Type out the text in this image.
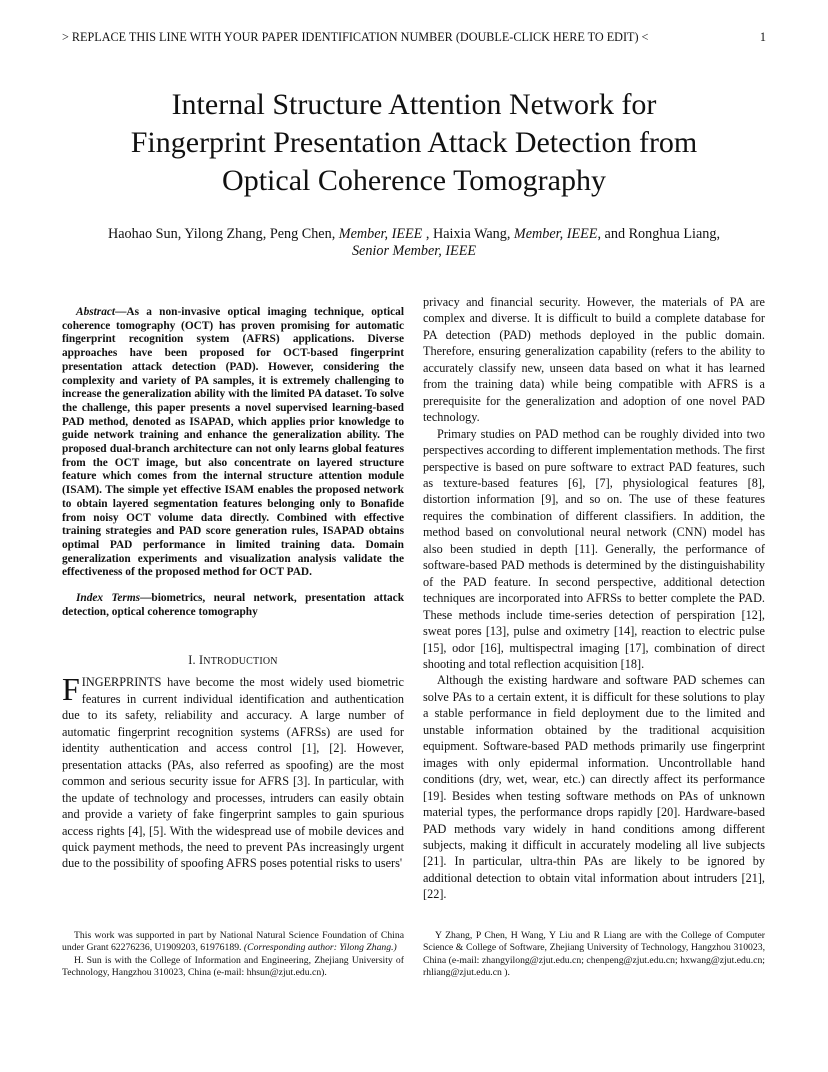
> REPLACE THIS LINE WITH YOUR PAPER IDENTIFICATION NUMBER (DOUBLE-CLICK HERE TO EDIT) <	1
Internal Structure Attention Network for
Fingerprint Presentation Attack Detection from
Optical Coherence Tomography
Haohao Sun, Yilong Zhang, Peng Chen, Member, IEEE , Haixia Wang, Member, IEEE, and Ronghua Liang, Senior Member, IEEE

Abstract—As a non-invasive optical imaging technique, optical coherence tomography (OCT) has proven promising for automatic fingerprint recognition system (AFRS) applications. Diverse approaches have been proposed for OCT-based fingerprint presentation attack detection (PAD). However, considering the complexity and variety of PA samples, it is extremely challenging to increase the generalization ability with the limited PA dataset. To solve the challenge, this paper presents a novel supervised learning-based PAD method, denoted as ISAPAD, which applies prior knowledge to guide network training and enhance the generalization ability. The proposed dual-branch architecture can not only learns global features from the OCT image, but also concentrate on layered structure feature which comes from the internal structure attention module (ISAM). The simple yet effective ISAM enables the proposed network to obtain layered segmentation features belonging only to Bonafide from noisy OCT volume data directly. Combined with effective training strategies and PAD score generation rules, ISAPAD obtains optimal PAD performance in limited training data. Domain generalization experiments and visualization analysis validate the effectiveness of the proposed method for OCT PAD.

Index Terms—biometrics, neural network, presentation attack detection, optical coherence tomography

I. INTRODUCTION

FINGERPRINTS have become the most widely used biometric features in current individual identification and authentication due to its safety, reliability and accuracy. A large number of automatic fingerprint recognition systems (AFRSs) are used for identity authentication and access control [1], [2]. However, presentation attacks (PAs, also referred as spoofing) are the most common and serious security issue for AFRS [3]. In particular, with the update of technology and processes, intruders can easily obtain and provide a variety of fake fingerprint samples to gain spurious access rights [4], [5]. With the widespread use of mobile devices and quick payment methods, the need to prevent PAs increasingly urgent due to the possibility of spoofing AFRS poses potential risks to users'

privacy and financial security. However, the materials of PA are complex and diverse. It is difficult to build a complete database for PA detection (PAD) methods deployed in the public domain. Therefore, ensuring generalization capability (refers to the ability to accurately classify new, unseen data based on what it has learned from the training data) while being compatible with AFRS is a prerequisite for the generalization and adoption of one novel PAD technology.

Primary studies on PAD method can be roughly divided into two perspectives according to different implementation methods. The first perspective is based on pure software to extract PAD features, such as texture-based features [6], [7], physiological features [8], distortion information [9], and so on. The use of these features requires the combination of different classifiers. In addition, the method based on convolutional neural network (CNN) model has also been studied in depth [11]. Generally, the performance of software-based PAD methods is determined by the distinguishability of the PAD feature. In second perspective, additional detection techniques are incorporated into AFRSs to better complete the PAD. These methods include time-series detection of perspiration [12], sweat pores [13], pulse and oximetry [14], reaction to electric pulse [15], odor [16], multispectral imaging [17], combination of direct shooting and total reflection acquisition [18].

Although the existing hardware and software PAD schemes can solve PAs to a certain extent, it is difficult for these solutions to play a stable performance in field deployment due to the limited and unstable information obtained by the traditional acquisition equipment. Software-based PAD methods primarily use fingerprint images with only epidermal information. Uncontrollable hand conditions (dry, wet, wear, etc.) can directly affect its performance [19]. Besides when testing software methods on PAs of unknown material types, the performance drops rapidly [20]. Hardware-based PAD methods vary widely in hand conditions among different subjects, making it difficult in accurately modeling all live subjects [21]. In particular, ultra-thin PAs are likely to be ignored by additional detection to obtain vital information about intruders [21], [22].

This work was supported in part by National Natural Science Foundation of China under Grant 62276236, U1909203, 61976189. (Corresponding author: Yilong Zhang.)

H. Sun is with the College of Information and Engineering, Zhejiang University of Technology, Hangzhou 310023, China (e-mail: hhsun@zjut.edu.cn).

Y Zhang, P Chen, H Wang, Y Liu and R Liang are with the College of Computer Science & College of Software, Zhejiang University of Technology, Hangzhou 310023, China (e-mail: zhangyilong@zjut.edu.cn; chenpeng@zjut.edu.cn; hxwang@zjut.edu.cn; rhliang@zjut.edu.cn ).
